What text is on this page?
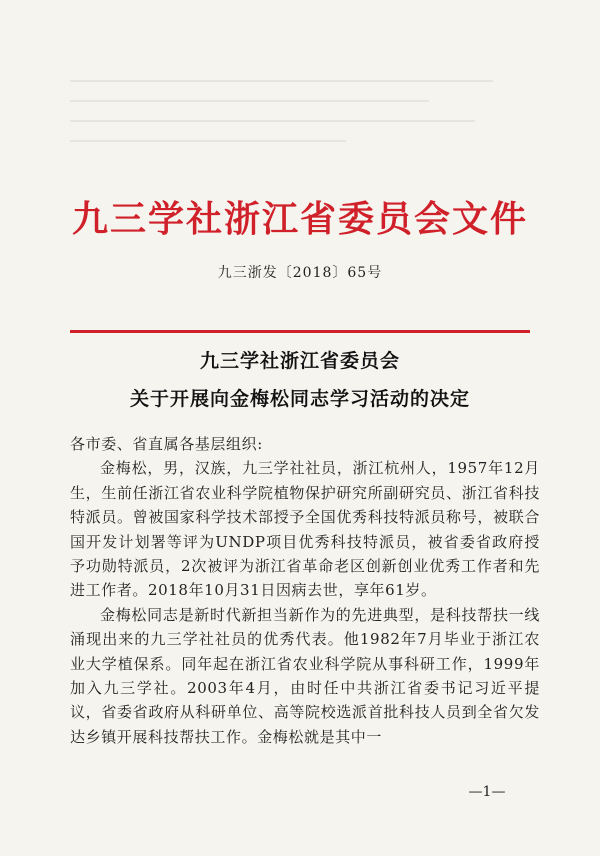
九三学社浙江省委员会文件
九三浙发〔2018〕65号
九三学社浙江省委员会
关于开展向金梅松同志学习活动的决定

各市委、省直属各基层组织:

金梅松，男，汉族，九三学社社员，浙江杭州人，1957年12月生，生前任浙江省农业科学院植物保护研究所副研究员、浙江省科技特派员。曾被国家科学技术部授予全国优秀科技特派员称号，被联合国开发计划署等评为UNDP项目优秀科技特派员，被省委省政府授予功勋特派员，2次被评为浙江省革命老区创新创业优秀工作者和先进工作者。2018年10月31日因病去世，享年61岁。

金梅松同志是新时代新担当新作为的先进典型，是科技帮扶一线涌现出来的九三学社社员的优秀代表。他1982年7月毕业于浙江农业大学植保系。同年起在浙江省农业科学院从事科研工作，1999年加入九三学社。2003年4月，由时任中共浙江省委书记习近平提议，省委省政府从科研单位、高等院校选派首批科技人员到全省欠发达乡镇开展科技帮扶工作。金梅松就是其中一

—1—
